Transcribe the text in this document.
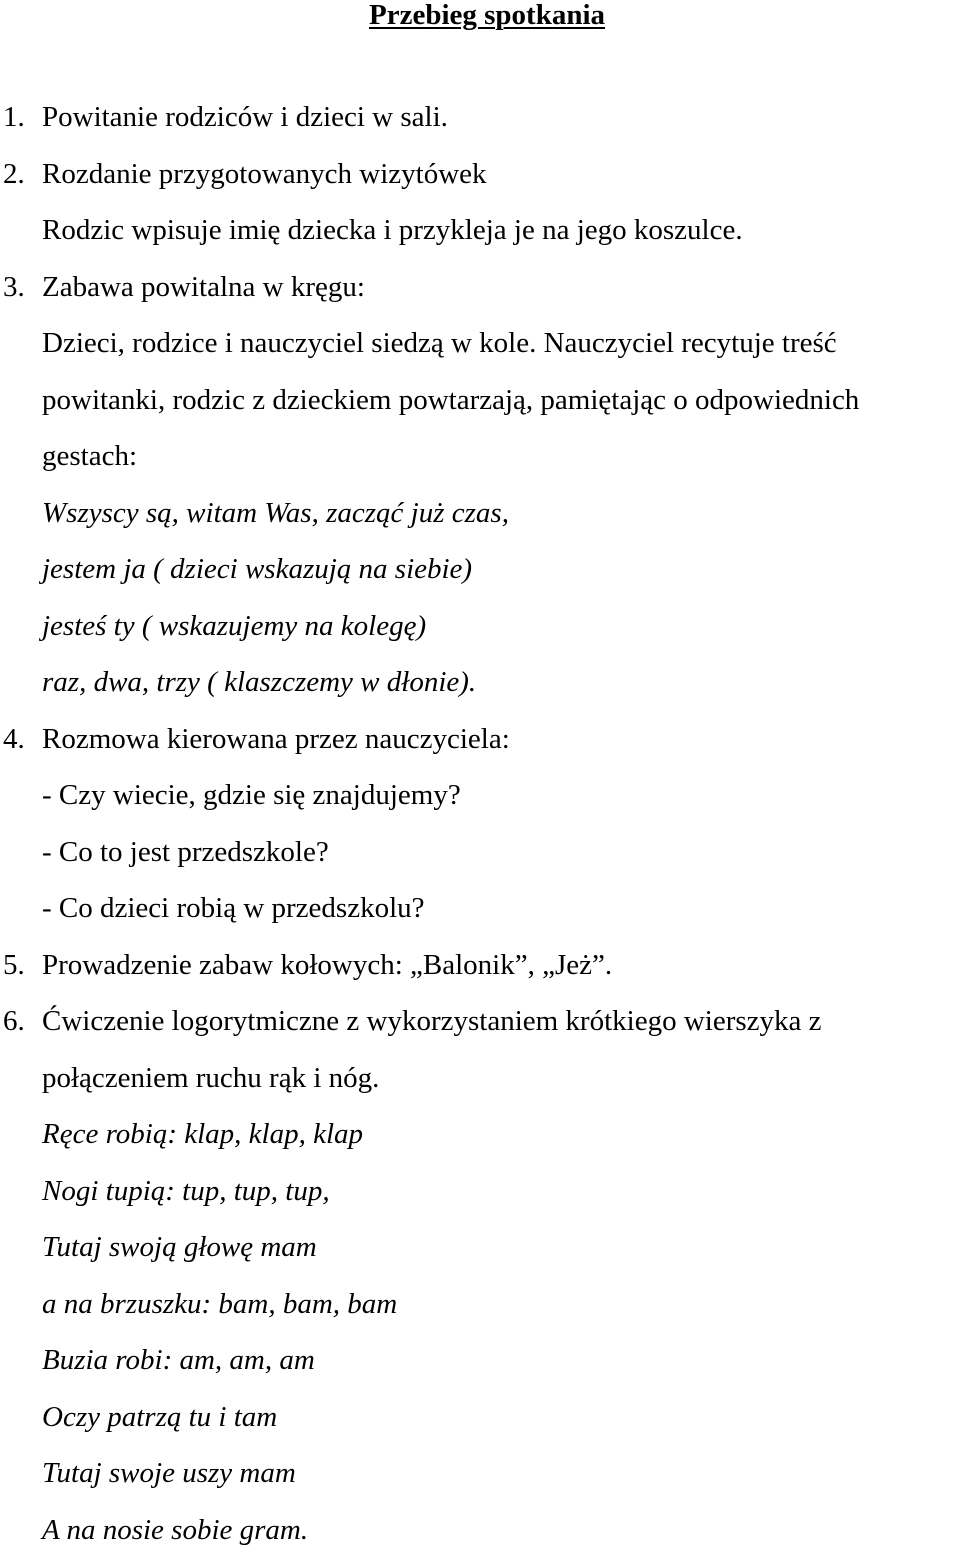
Przebieg spotkania
1. Powitanie rodziców i dzieci w sali.
2. Rozdanie przygotowanych wizytówek
Rodzic wpisuje imię dziecka i przykleja je na jego koszulce.
3. Zabawa powitalna w kręgu:
Dzieci, rodzice i nauczyciel siedzą w kole. Nauczyciel recytuje treść
powitanki, rodzic z dzieckiem powtarzają, pamiętając o odpowiednich
gestach:
Wszyscy są, witam Was, zacząć już czas,
jestem ja ( dzieci wskazują na siebie)
jesteś ty ( wskazujemy na kolegę)
raz, dwa, trzy ( klaszczemy w dłonie).
4. Rozmowa kierowana przez nauczyciela:
- Czy wiecie, gdzie się znajdujemy?
- Co to jest przedszkole?
- Co dzieci robią w przedszkolu?
5. Prowadzenie zabaw kołowych: „Balonik”, „Jeż”.
6. Ćwiczenie logorytmiczne z wykorzystaniem krótkiego wierszyka z
połączeniem ruchu rąk i nóg.
Ręce robią: klap, klap, klap
Nogi tupią: tup, tup, tup,
Tutaj swoją głowę mam
a na brzuszku: bam, bam, bam
Buzia robi: am, am, am
Oczy patrzą tu i tam
Tutaj swoje uszy mam
A na nosie sobie gram.
